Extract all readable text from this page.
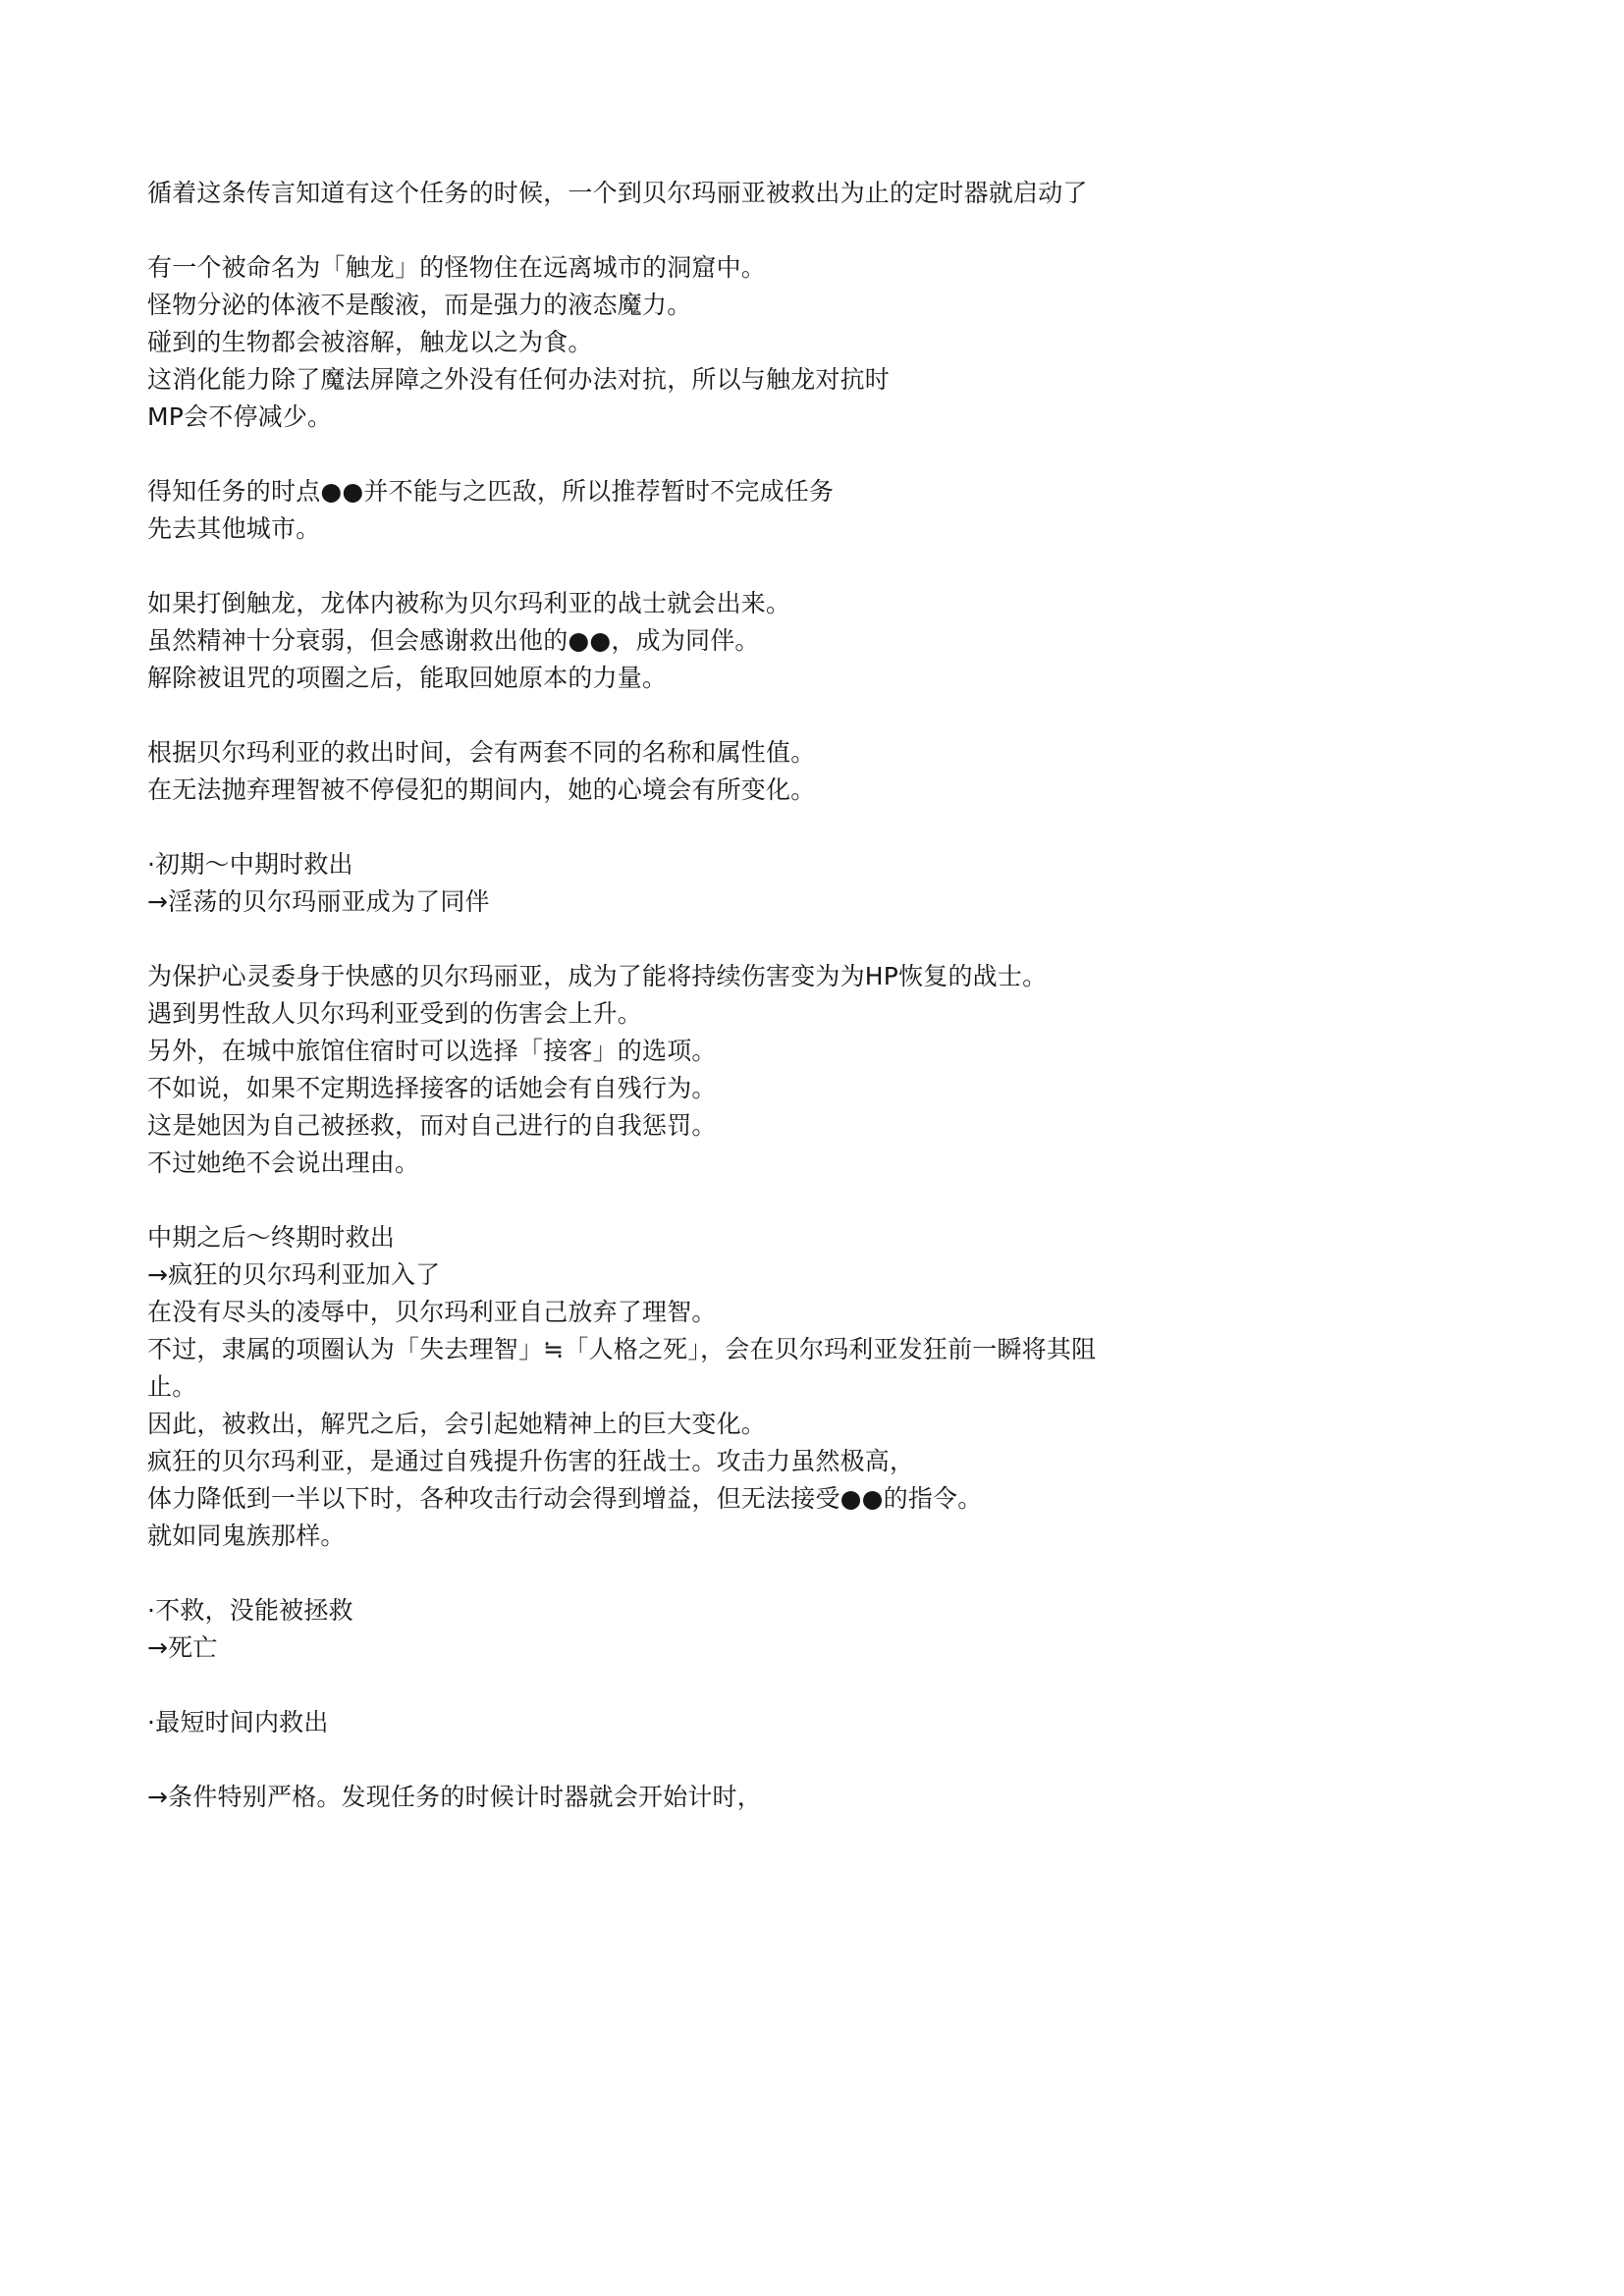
循着这条传言知道有这个任务的时候，一个到贝尔玛丽亚被救出为止的定时器就启动了
有一个被命名为「触龙」的怪物住在远离城市的洞窟中。
怪物分泌的体液不是酸液，而是强力的液态魔力。
碰到的生物都会被溶解，触龙以之为食。
这消化能力除了魔法屏障之外没有任何办法对抗，所以与触龙对抗时
MP会不停减少。
得知任务的时点●●并不能与之匹敌，所以推荐暂时不完成任务
先去其他城市。
如果打倒触龙，龙体内被称为贝尔玛利亚的战士就会出来。
虽然精神十分衰弱，但会感谢救出他的●●，成为同伴。
解除被诅咒的项圈之后，能取回她原本的力量。
根据贝尔玛利亚的救出时间，会有两套不同的名称和属性值。
在无法抛弃理智被不停侵犯的期间内，她的心境会有所变化。
·初期～中期时救出
→淫荡的贝尔玛丽亚成为了同伴
为保护心灵委身于快感的贝尔玛丽亚，成为了能将持续伤害变为为HP恢复的战士。
遇到男性敌人贝尔玛利亚受到的伤害会上升。
另外，在城中旅馆住宿时可以选择「接客」的选项。
不如说，如果不定期选择接客的话她会有自残行为。
这是她因为自己被拯救，而对自己进行的自我惩罚。
不过她绝不会说出理由。
中期之后～终期时救出
→疯狂的贝尔玛利亚加入了
在没有尽头的凌辱中，贝尔玛利亚自己放弃了理智。
不过，隶属的项圈认为「失去理智」≒「人格之死」，会在贝尔玛利亚发狂前一瞬将其阻
止。
因此，被救出，解咒之后，会引起她精神上的巨大变化。
疯狂的贝尔玛利亚，是通过自残提升伤害的狂战士。攻击力虽然极高，
体力降低到一半以下时，各种攻击行动会得到增益，但无法接受●●的指令。
就如同鬼族那样。
·不救，没能被拯救
→死亡
·最短时间内救出
→条件特别严格。发现任务的时候计时器就会开始计时，
